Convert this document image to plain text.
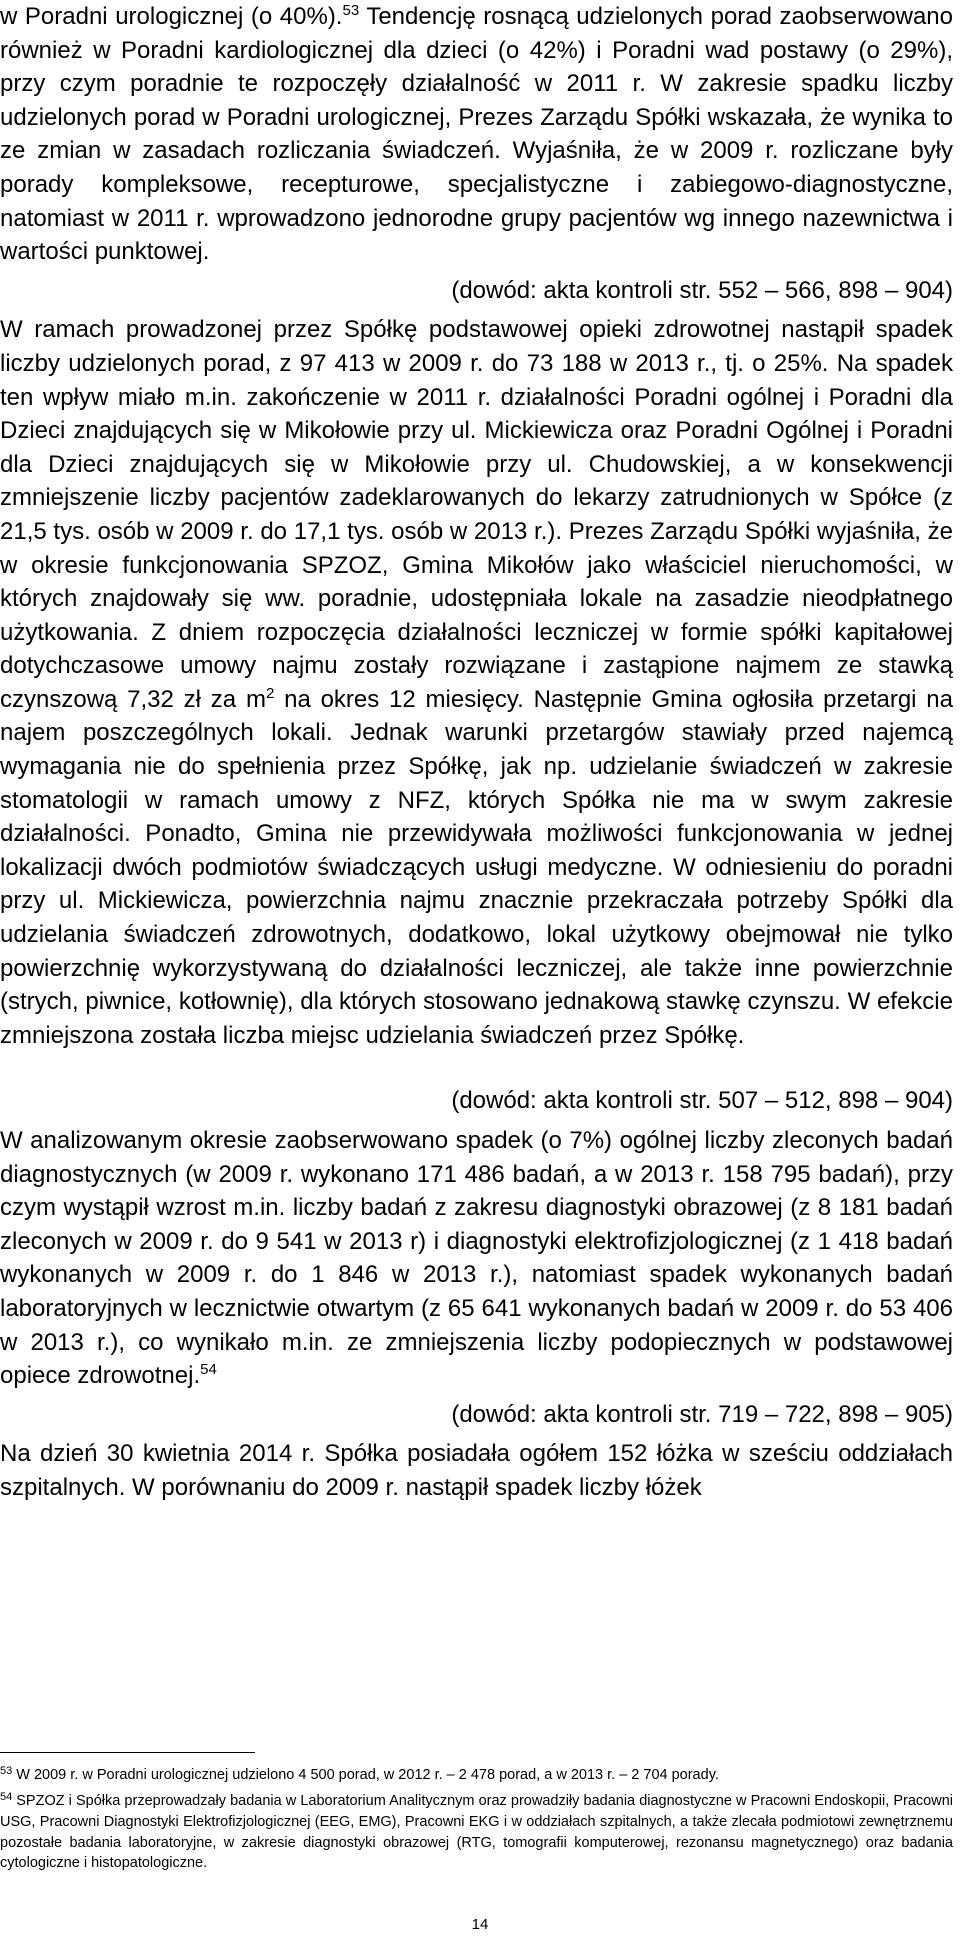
w Poradni urologicznej (o 40%).$^{53}$ Tendencję rosnącą udzielonych porad zaobserwowano również w Poradni kardiologicznej dla dzieci (o 42%) i Poradni wad postawy (o 29%), przy czym poradnie te rozpoczęły działalność w 2011 r. W zakresie spadku liczby udzielonych porad w Poradni urologicznej, Prezes Zarządu Spółki wskazała, że wynika to ze zmian w zasadach rozliczania świadczeń. Wyjaśniła, że w 2009 r. rozliczane były porady kompleksowe, recepturowe, specjalistyczne i zabiegowo-diagnostyczne, natomiast w 2011 r. wprowadzono jednorodne grupy pacjentów wg innego nazewnictwa i wartości punktowej.

(dowód: akta kontroli str. 552 – 566, 898 – 904)

W ramach prowadzonej przez Spółkę podstawowej opieki zdrowotnej nastąpił spadek liczby udzielonych porad, z 97 413 w 2009 r. do 73 188 w 2013 r., tj. o 25%. Na spadek ten wpływ miało m.in. zakończenie w 2011 r. działalności Poradni ogólnej i Poradni dla Dzieci znajdujących się w Mikołowie przy ul. Mickiewicza oraz Poradni Ogólnej i Poradni dla Dzieci znajdujących się w Mikołowie przy ul. Chudowskiej, a w konsekwencji zmniejszenie liczby pacjentów zadeklarowanych do lekarzy zatrudnionych w Spółce (z 21,5 tys. osób w 2009 r. do 17,1 tys. osób w 2013 r.). Prezes Zarządu Spółki wyjaśniła, że w okresie funkcjonowania SPZOZ, Gmina Mikołów jako właściciel nieruchomości, w których znajdowały się ww. poradnie, udostępniała lokale na zasadzie nieodpłatnego użytkowania. Z dniem rozpoczęcia działalności leczniczej w formie spółki kapitałowej dotychczasowe umowy najmu zostały rozwiązane i zastąpione najmem ze stawką czynszową 7,32 zł za $m^2$ na okres 12 miesięcy. Następnie Gmina ogłosiła przetargi na najem poszczególnych lokali. Jednak warunki przetargów stawiały przed najemcą wymagania nie do spełnienia przez Spółkę, jak np. udzielanie świadczeń w zakresie stomatologii w ramach umowy z NFZ, których Spółka nie ma w swym zakresie działalności. Ponadto, Gmina nie przewidywała możliwości funkcjonowania w jednej lokalizacji dwóch podmiotów świadczących usługi medyczne. W odniesieniu do poradni przy ul. Mickiewicza, powierzchnia najmu znacznie przekraczała potrzeby Spółki dla udzielania świadczeń zdrowotnych, dodatkowo, lokal użytkowy obejmował nie tylko powierzchnię wykorzystywaną do działalności leczniczej, ale także inne powierzchnie (strych, piwnice, kotłownię), dla których stosowano jednakową stawkę czynszu. W efekcie zmniejszona została liczba miejsc udzielania świadczeń przez Spółkę.

(dowód: akta kontroli str. 507 – 512, 898 – 904)

W analizowanym okresie zaobserwowano spadek (o 7%) ogólnej liczby zleconych badań diagnostycznych (w 2009 r. wykonano 171 486 badań, a w 2013 r. 158 795 badań), przy czym wystąpił wzrost m.in. liczby badań z zakresu diagnostyki obrazowej (z 8 181 badań zleconych w 2009 r. do 9 541 w 2013 r) i diagnostyki elektrofizjologicznej (z 1 418 badań wykonanych w 2009 r. do 1 846 w 2013 r.), natomiast spadek wykonanych badań laboratoryjnych w lecznictwie otwartym (z 65 641 wykonanych badań w 2009 r. do 53 406 w 2013 r.), co wynikało m.in. ze zmniejszenia liczby podopiecznych w podstawowej opiece zdrowotnej.$^{54}$

(dowód: akta kontroli str. 719 – 722, 898 – 905)

Na dzień 30 kwietnia 2014 r. Spółka posiadała ogółem 152 łóżka w sześciu oddziałach szpitalnych. W porównaniu do 2009 r. nastąpił spadek liczby łóżek

$^{53}$ W 2009 r. w Poradni urologicznej udzielono 4 500 porad, w 2012 r. – 2 478 porad, a w 2013 r. – 2 704 porady.

$^{54}$ SPZOZ i Spółka przeprowadzały badania w Laboratorium Analitycznym oraz prowadziły badania diagnostyczne w Pracowni Endoskopii, Pracowni USG, Pracowni Diagnostyki Elektrofizjologicznej (EEG, EMG), Pracowni EKG i w oddziałach szpitalnych, a także zlecała podmiotowi zewnętrznemu pozostałe badania laboratoryjne, w zakresie diagnostyki obrazowej (RTG, tomografii komputerowej, rezonansu magnetycznego) oraz badania cytologiczne i histopatologiczne.

14
